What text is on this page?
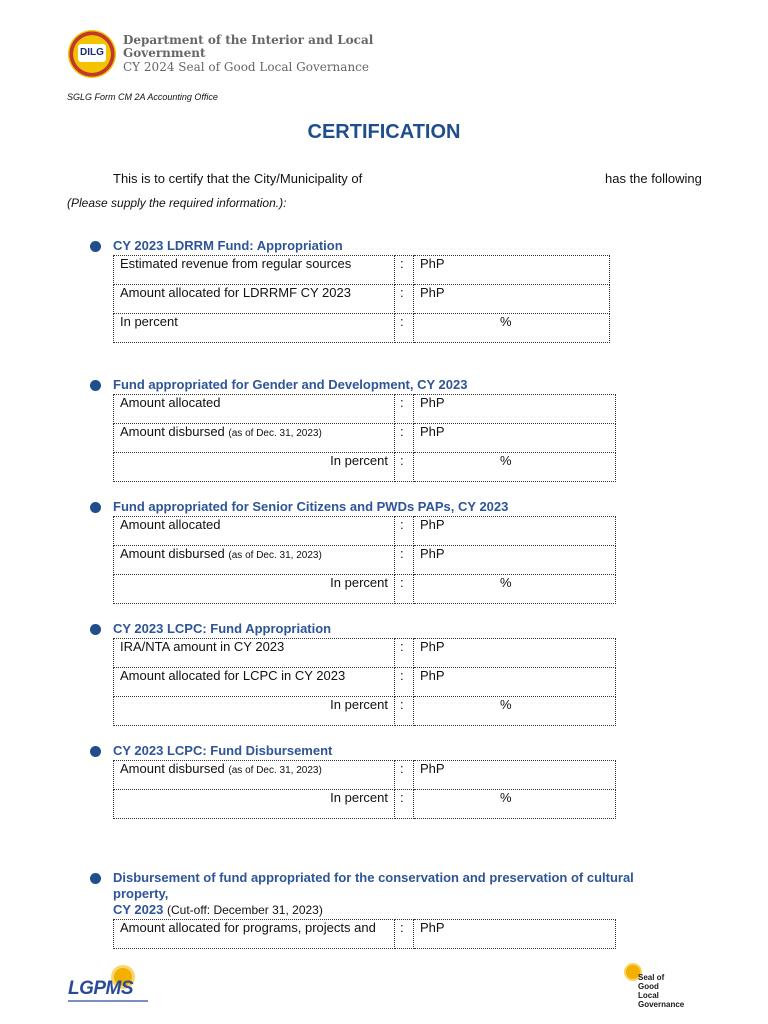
DILG
Department of the Interior and Local
Government
CY 2024 Seal of Good Local Governance
SGLG Form CM 2A Accounting Office
CERTIFICATION
This is to certify that the City/Municipality of	has the following
(Please supply the required information.):
CY 2023 LDRRM Fund: Appropriation
Estimated revenue from regular sources	:	PhP
Amount allocated for LDRRMF CY 2023	:	PhP
In percent	:	%
Fund appropriated for Gender and Development, CY 2023
Amount allocated	:	PhP
Amount disbursed (as of Dec. 31, 2023)	:	PhP
In percent	:	%
Fund appropriated for Senior Citizens and PWDs PAPs, CY 2023
Amount allocated	:	PhP
Amount disbursed (as of Dec. 31, 2023)	:	PhP
In percent	:	%
CY 2023 LCPC: Fund Appropriation
IRA/NTA amount in CY 2023	:	PhP
Amount allocated for LCPC in CY 2023	:	PhP
In percent	:	%
CY 2023 LCPC: Fund Disbursement
Amount disbursed (as of Dec. 31, 2023)	:	PhP
In percent	:	%
Disbursement of fund appropriated for the conservation and preservation of cultural property,
CY 2023 (Cut-off: December 31, 2023)
Amount allocated for programs, projects and	:	PhP
LGPMS
Seal of
Good
Local
Governance
